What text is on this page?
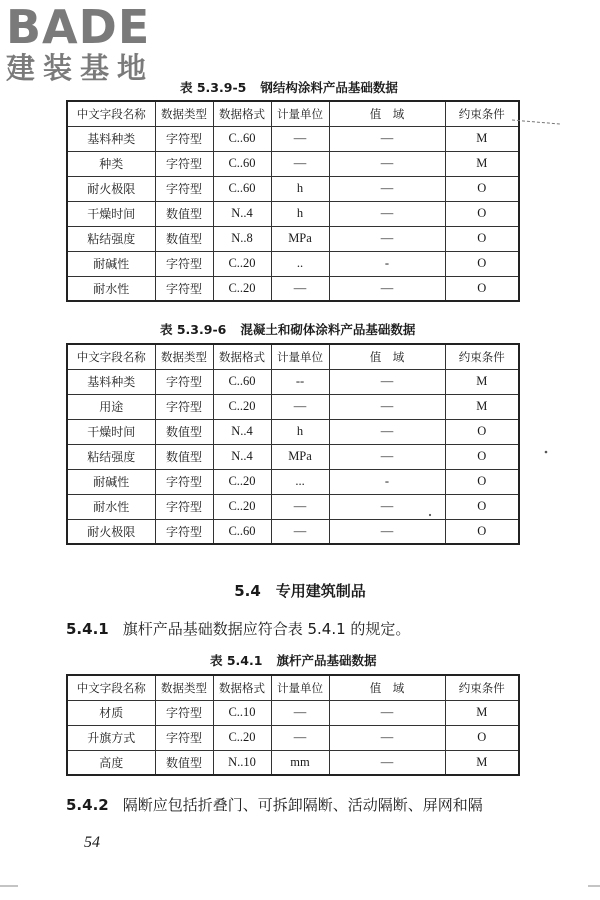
BADE
建装基地
表 5.3.9-5 钢结构涂料产品基础数据
中文字段名称	数据类型	数据格式	计量单位	值　域	约束条件
基料种类	字符型	C..60	—	—	M
种类	字符型	C..60	—	—	M
耐火极限	字符型	C..60	h	—	O
干燥时间	数值型	N..4	h	—	O
粘结强度	数值型	N..8	MPa	—	O
耐碱性	字符型	C..20	..	-	O
耐水性	字符型	C..20	—	—	O
表 5.3.9-6 混凝土和砌体涂料产品基础数据
中文字段名称	数据类型	数据格式	计量单位	值　域	约束条件
基料种类	字符型	C..60	--	—	M
用途	字符型	C..20	—	—	M
干燥时间	数值型	N..4	h	—	O
粘结强度	数值型	N..4	MPa	—	O
耐碱性	字符型	C..20	...	-	O
耐水性	字符型	C..20	—	—	O
耐火极限	字符型	C..60	—	—	O
5.4　 专用建筑制品
5.4.1 旗杆产品基础数据应符合表 5.4.1 的规定。
表 5.4.1 旗杆产品基础数据
中文字段名称	数据类型	数据格式	计量单位	值　域	约束条件
材质	字符型	C..10	—	—	M
升旗方式	字符型	C..20	—	—	O
高度	数值型	N..10	mm	—	M
5.4.2 隔断应包括折叠门、可拆卸隔断、活动隔断、屏网和隔
54
